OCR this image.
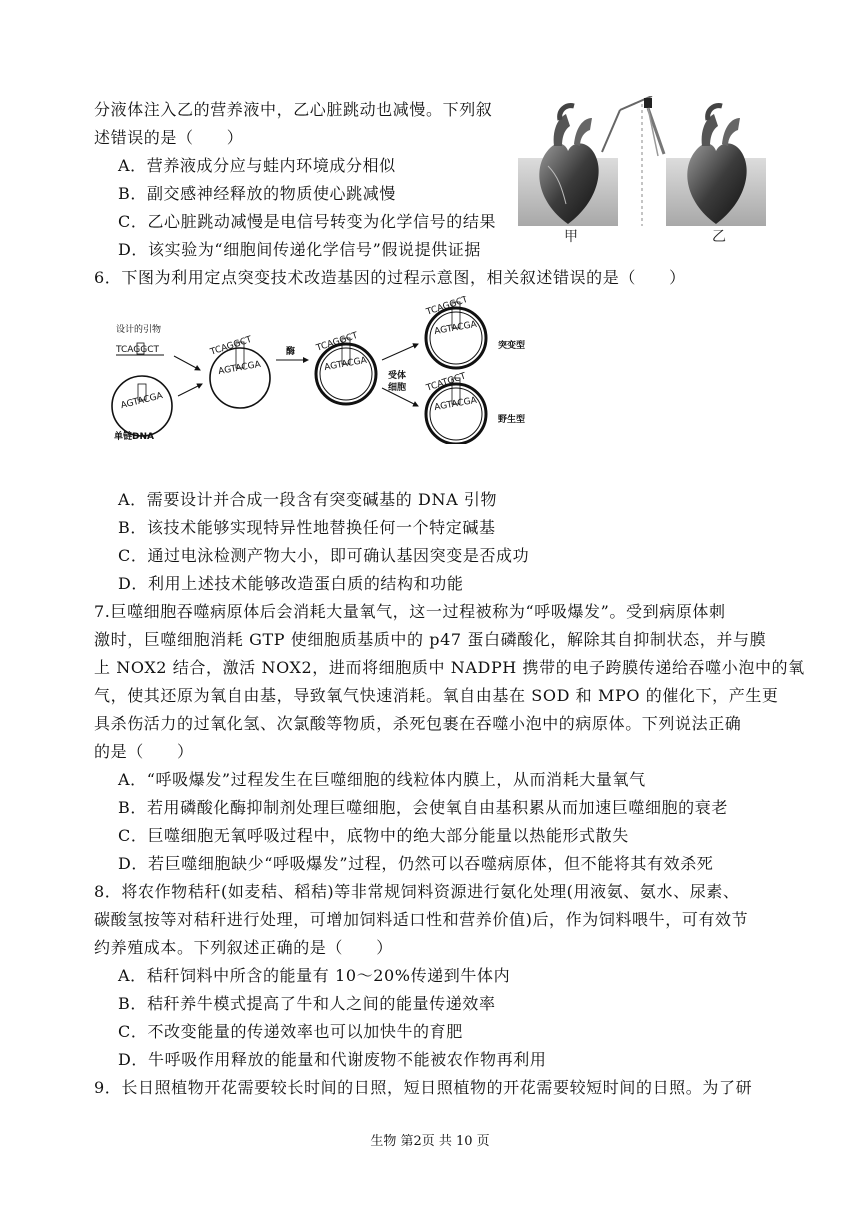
分液体注入乙的营养液中，乙心脏跳动也减慢。下列叙
述错误的是（　　）
A．营养液成分应与蛙内环境成分相似
B．副交感神经释放的物质使心跳减慢
C．乙心脏跳动减慢是电信号转变为化学信号的结果
D．该实验为“细胞间传递化学信号”假说提供证据
甲	乙
6．下图为利用定点突变技术改造基因的过程示意图，相关叙述错误的是（　　）
设计的引物
TCAGGCT
AGTACGA
单链DNA
TCAGGCT
AGTACGA
酶 TCAGGCT
AGTACGA
受体
细胞
TCAGGCT
AGTACGA
突变型
TCATGCT
AGTACGA
野生型
A．需要设计并合成一段含有突变碱基的 DNA 引物
B．该技术能够实现特异性地替换任何一个特定碱基
C．通过电泳检测产物大小，即可确认基因突变是否成功
D．利用上述技术能够改造蛋白质的结构和功能
7.巨噬细胞吞噬病原体后会消耗大量氧气，这一过程被称为“呼吸爆发”。受到病原体刺
激时，巨噬细胞消耗 GTP 使细胞质基质中的 p47 蛋白磷酸化，解除其自抑制状态，并与膜
上 NOX2 结合，激活 NOX2，进而将细胞质中 NADPH 携带的电子跨膜传递给吞噬小泡中的氧
气，使其还原为氧自由基，导致氧气快速消耗。氧自由基在 SOD 和 MPO 的催化下，产生更
具杀伤活力的过氧化氢、次氯酸等物质，杀死包裹在吞噬小泡中的病原体。下列说法正确
的是（　　）
A．“呼吸爆发”过程发生在巨噬细胞的线粒体内膜上，从而消耗大量氧气
B．若用磷酸化酶抑制剂处理巨噬细胞，会使氧自由基积累从而加速巨噬细胞的衰老
C．巨噬细胞无氧呼吸过程中，底物中的绝大部分能量以热能形式散失
D．若巨噬细胞缺少“呼吸爆发”过程，仍然可以吞噬病原体，但不能将其有效杀死
8．将农作物秸秆(如麦秸、稻秸)等非常规饲料资源进行氨化处理(用液氨、氨水、尿素、
碳酸氢按等对秸秆进行处理，可增加饲料适口性和营养价值)后，作为饲料喂牛，可有效节
约养殖成本。下列叙述正确的是（　　）
A．秸秆饲料中所含的能量有 10～20%传递到牛体内
B．秸秆养牛模式提高了牛和人之间的能量传递效率
C．不改变能量的传递效率也可以加快牛的育肥
D．牛呼吸作用释放的能量和代谢废物不能被农作物再利用
9．长日照植物开花需要较长时间的日照，短日照植物的开花需要较短时间的日照。为了研
生物 第2页 共 10 页
